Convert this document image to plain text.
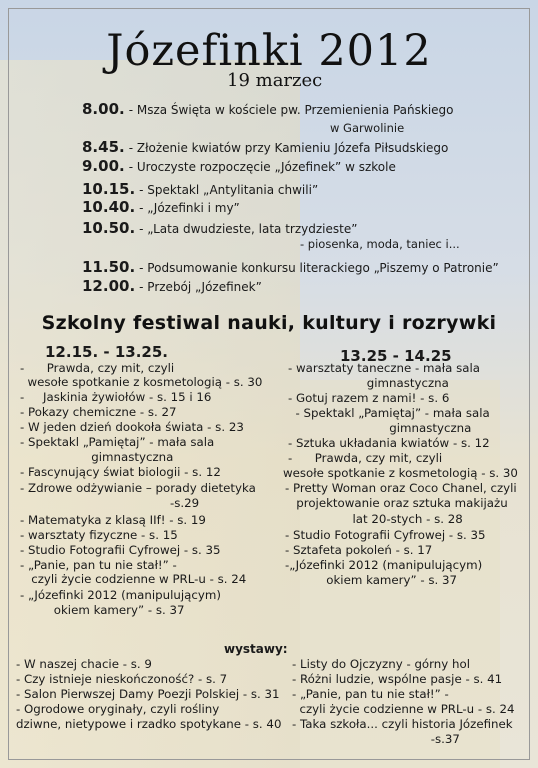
Józefinki 2012
19 marzec
8.00. - Msza Święta w kościele pw. Przemienienia Pańskiego
w Garwolinie
8.45. - Złożenie kwiatów przy Kamieniu Józefa Piłsudskiego
9.00. - Uroczyste rozpoczęcie „Józefinek” w szkole
10.15. - Spektakl „Antylitania chwili”
10.40. - „Józefinki i my”
10.50. - „Lata dwudzieste, lata trzydzieste”
- piosenka, moda, taniec i...
11.50. - Podsumowanie konkursu literackiego „Piszemy o Patronie”
12.00. - Przebój „Józefinek”
Szkolny festiwal nauki, kultury i rozrywki
12.15. - 13.25.
-      Prawda, czy mit, czyli
wesołe spotkanie z kosmetologią - s. 30
-     Jaskinia żywiołów - s. 15 i 16
- Pokazy chemiczne - s. 27
- W jeden dzień dookoła świata - s. 23
- Spektakl „Pamiętaj” - mała sala
gimnastyczna
- Fascynujący świat biologii - s. 12
- Zdrowe odżywianie – porady dietetyka
-s.29
- Matematyka z klasą IIf! - s. 19
- warsztaty fizyczne - s. 15
- Studio Fotografii Cyfrowej - s. 35
- „Panie, pan tu nie stał!” -
czyli życie codzienne w PRL-u - s. 24
- „Józefinki 2012 (manipulującym)
okiem kamery” - s. 37
13.25 - 14.25
- warsztaty taneczne - mała sala
gimnastyczna
- Gotuj razem z nami! - s. 6
- Spektakl „Pamiętaj” - mała sala
gimnastyczna
- Sztuka układania kwiatów - s. 12
-      Prawda, czy mit, czyli
wesołe spotkanie z kosmetologią - s. 30
- Pretty Woman oraz Coco Chanel, czyli
projektowanie oraz sztuka makijażu
lat 20-stych - s. 28
- Studio Fotografii Cyfrowej - s. 35
- Sztafeta pokoleń - s. 17
-„Józefinki 2012 (manipulującym)
okiem kamery” - s. 37
wystawy:
- W naszej chacie - s. 9
- Czy istnieje nieskończoność? - s. 7
- Salon Pierwszej Damy Poezji Polskiej - s. 31
- Ogrodowe oryginały, czyli rośliny
dziwne, nietypowe i rzadko spotykane - s. 40
- Listy do Ojczyzny - górny hol
- Różni ludzie, wspólne pasje - s. 41
- „Panie, pan tu nie stał!” -
czyli życie codzienne w PRL-u - s. 24
- Taka szkoła... czyli historia Józefinek
-s.37
